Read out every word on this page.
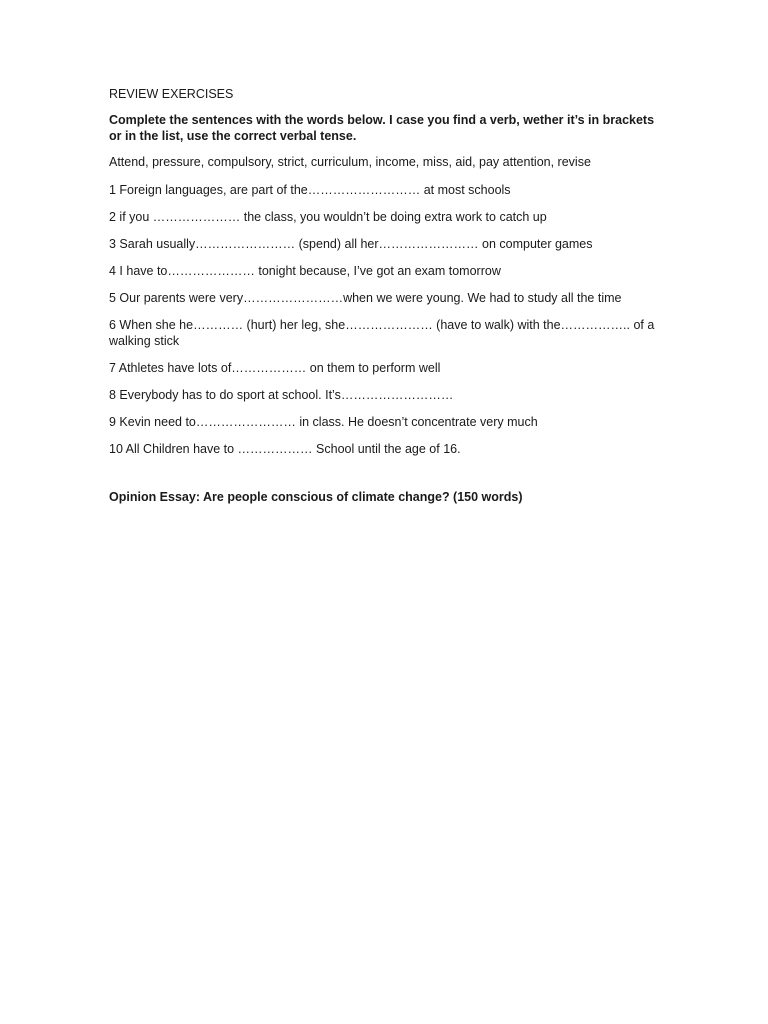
REVIEW EXERCISES

Complete the sentences with the words below. I case you find a verb, wether it’s in brackets or in the list, use the correct verbal tense.

Attend, pressure, compulsory, strict, curriculum, income, miss, aid, pay attention, revise

1 Foreign languages, are part of the……………………… at most schools

2 if you ………………… the class, you wouldn’t be doing extra work to catch up

3 Sarah usually…………………… (spend) all her…………………… on computer games

4 I have to………………… tonight because, I’ve got an exam tomorrow

5 Our parents were very……………………when we were young. We had to study all the time

6 When she he………… (hurt) her leg, she………………… (have to walk) with the…………….. of a walking stick

7 Athletes have lots of……………… on them to perform well

8 Everybody has to do sport at school. It’s………………………

9 Kevin need to…………………… in class. He doesn’t concentrate very much

10 All Children have to ……………… School until the age of 16.

Opinion Essay: Are people conscious of climate change? (150 words)
